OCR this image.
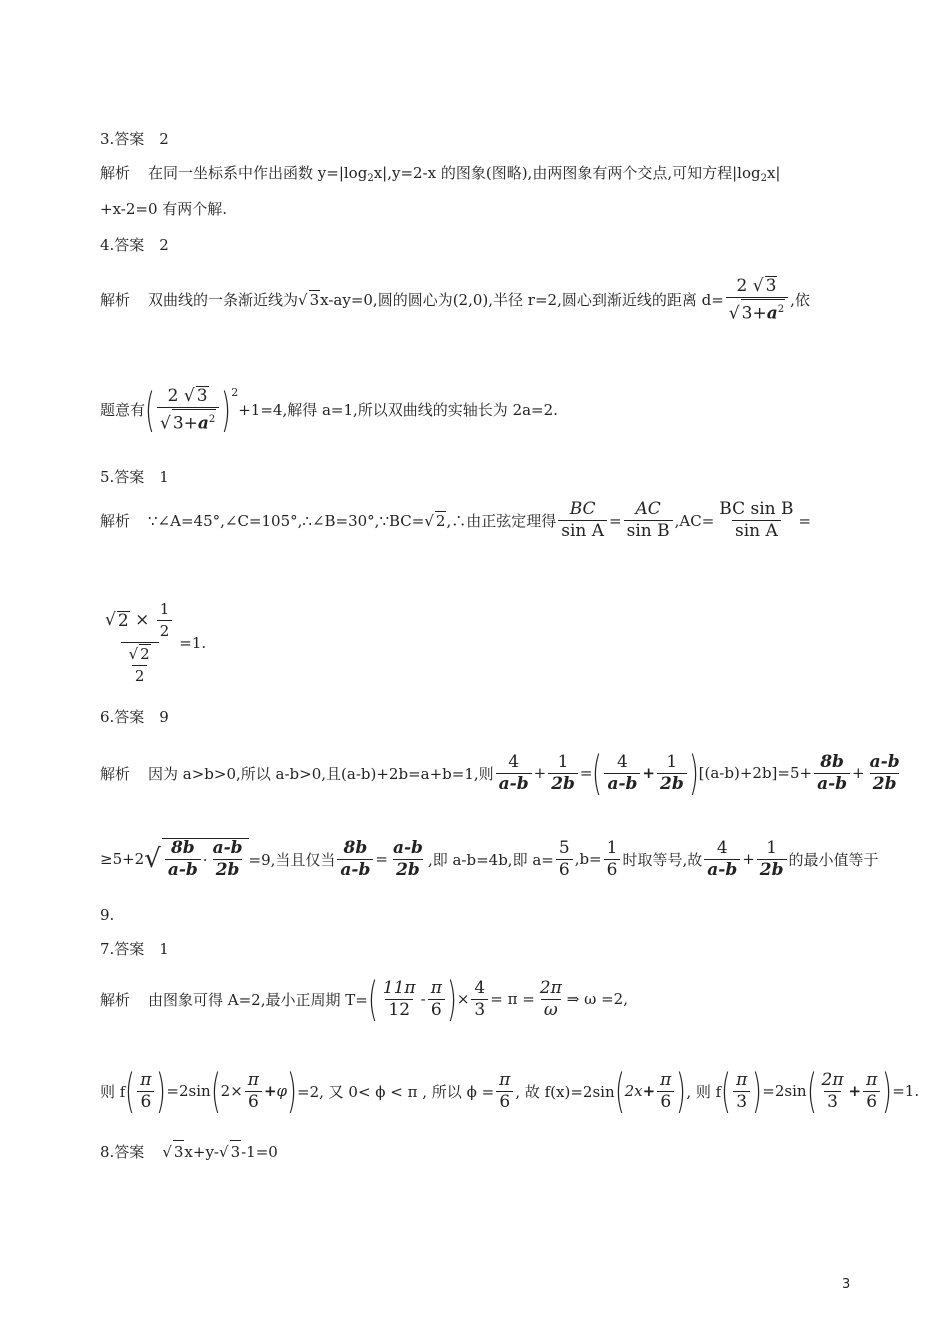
3.答案　2
解析 在同一坐标系中作出函数 $y=|\log_2x|,y=2-x$ 的图象(图略),由两图象有两个交点,可知方程$|\log_2x|$
+x-2=0 有两个解.
4.答案　2
解析 双曲线的一条渐近线为 √ 3 x-ay=0,圆的圆心为(2,0),半径 r=2,圆心到渐近线的距离 $d= \frac{2 √ 3}{√ 3+a^2}$ ,依
题意有 ( $\frac{2 √ 3}{√ 3+a^2} )^2$
+1=4,解得 a=1,所以双曲线的实轴长为 2a=2.
5.答案　1
解析 ∵∠A=45°,∠C=105°,∴∠B=30°,∵BC= √ 2 ,∴由正弦定理得 $\frac{BC}{\text{sin A}} = \frac{AC}{\text{sin B}} ,AC= \frac{\text{BC sin B}}{\text{sin A}}$ =
√ 2
×
$\frac{1}{2}$
$\frac{√ 2}{2} =1$.
6.答案　9
解析 因为 a>b>0,所以 a-b>0,且(a-b)+2b=a+b=1,则 $\frac{4}{a-b} + \frac{1}{2b}$ = ( $\frac{4}{a-b} + \frac{1}{2b}$ ) $[(a-b)+2b]=5+ \frac{8b}{a-b} + \frac{a-b}{2b}$
≥5+2 √ $\frac{8b}{a-b} \cdot \frac{a-b}{2b} =9$,当且仅当 $\frac{8b}{a-b} = \frac{a-b}{2b}$ ,即 a-b=4b,即 $a= \frac{5}{6} ,b= \frac{1}{6}$ 时取等号,故 $\frac{4}{a-b} + \frac{1}{2b}$ 的最小值等于
9.
7.答案　1
解析 由图象可得 A=2,最小正周期 T= ( $\frac{11\pi}{12} - \frac{\pi}{6}$ ) × $\frac{4}{3} = \pi = \frac{2\pi}{\omega}$ ⇒ ω =2,
则 f ( $\frac{\pi}{6}$ ) =2sin ( $2 \times \frac{\pi}{6} + \varphi$ ) =2, 又 0< ϕ < π , 所以 $\phi = \frac{\pi}{6}$ , 故 f(x)=2sin ( $2x + \frac{\pi}{6}$ ) , 则 f ( $\frac{\pi}{3}$ ) =2sin ( $\frac{2\pi}{3} + \frac{\pi}{6}$ ) =1.
8.答案 √ 3x+y-√ 3-1=0
3
